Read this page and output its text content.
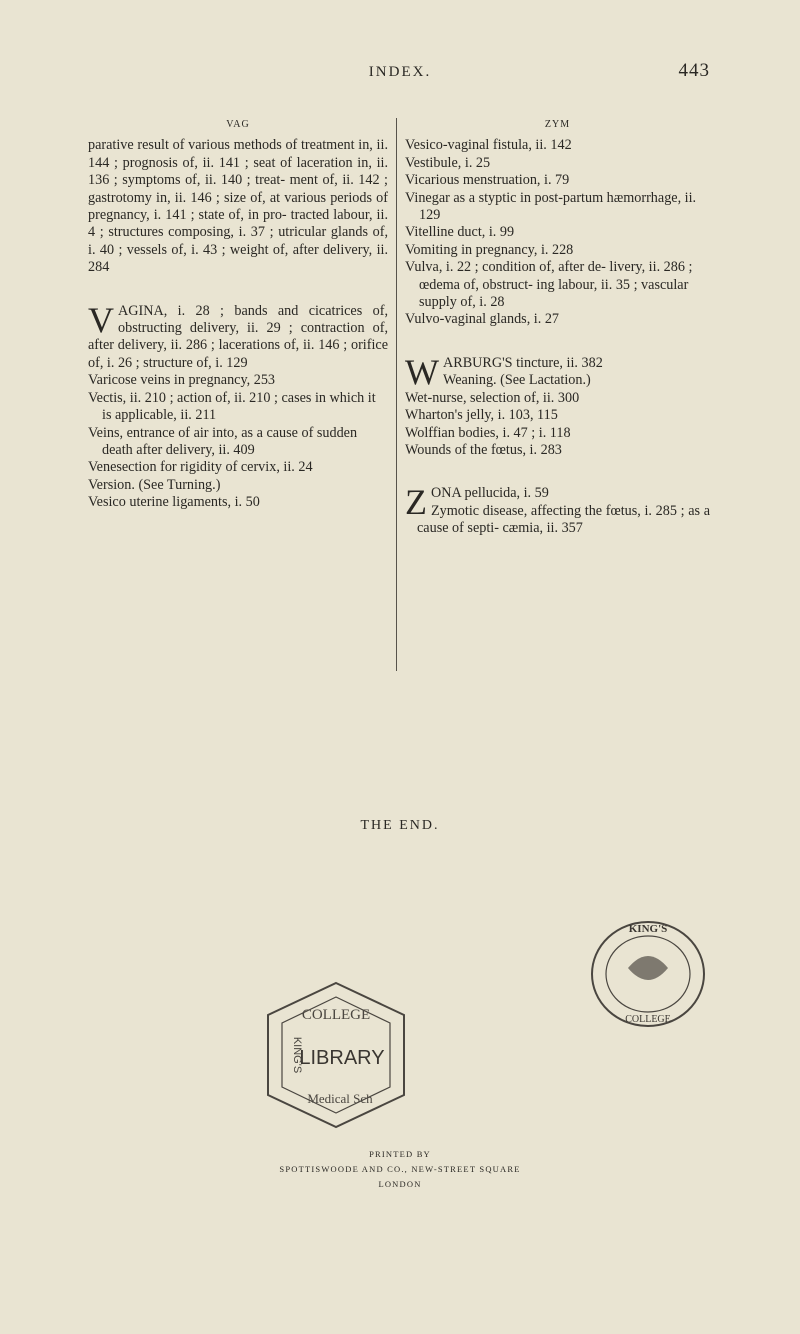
INDEX.	443
VAG

parative result of various methods of treatment in, ii. 144 ; prognosis of, ii. 141 ; seat of laceration in, ii. 136 ; symptoms of, ii. 140 ; treat- ment of, ii. 142 ; gastrotomy in, ii. 146 ; size of, at various periods of pregnancy, i. 141 ; state of, in pro- tracted labour, ii. 4 ; structures composing, i. 37 ; utricular glands of, i. 40 ; vessels of, i. 43 ; weight of, after delivery, ii. 284

VAGINA, i. 28 ; bands and cicatrices of, obstructing delivery, ii. 29 ; contraction of, after delivery, ii. 286 ; lacerations of, ii. 146 ; orifice of, i. 26 ; structure of, i. 129

Varicose veins in pregnancy, 253

Vectis, ii. 210 ; action of, ii. 210 ; cases in which it is applicable, ii. 211

Veins, entrance of air into, as a cause of sudden death after delivery, ii. 409

Venesection for rigidity of cervix, ii. 24

Version. (See Turning.)

Vesico uterine ligaments, i. 50

ZYM

Vesico-vaginal fistula, ii. 142

Vestibule, i. 25

Vicarious menstruation, i. 79

Vinegar as a styptic in post-partum hæmorrhage, ii. 129

Vitelline duct, i. 99

Vomiting in pregnancy, i. 228

Vulva, i. 22 ; condition of, after de- livery, ii. 286 ; œdema of, obstruct- ing labour, ii. 35 ; vascular supply of, i. 28

Vulvo-vaginal glands, i. 27

W ARBURG'S tincture, ii. 382
Weaning. (See Lactation.)

Wet-nurse, selection of, ii. 300

Wharton's jelly, i. 103, 115

Wolffian bodies, i. 47 ; i. 118

Wounds of the fœtus, i. 283

Z ONA pellucida, i. 59
Zymotic disease, affecting the fœtus, i. 285 ; as a cause of septi- cæmia, ii. 357
THE END.
COLLEGE
LIBRARY
KING'S
Medical Sch
KING'S
COLLEGE
PRINTED BY
SPOTTISWOODE AND CO., NEW-STREET SQUARE
LONDON
